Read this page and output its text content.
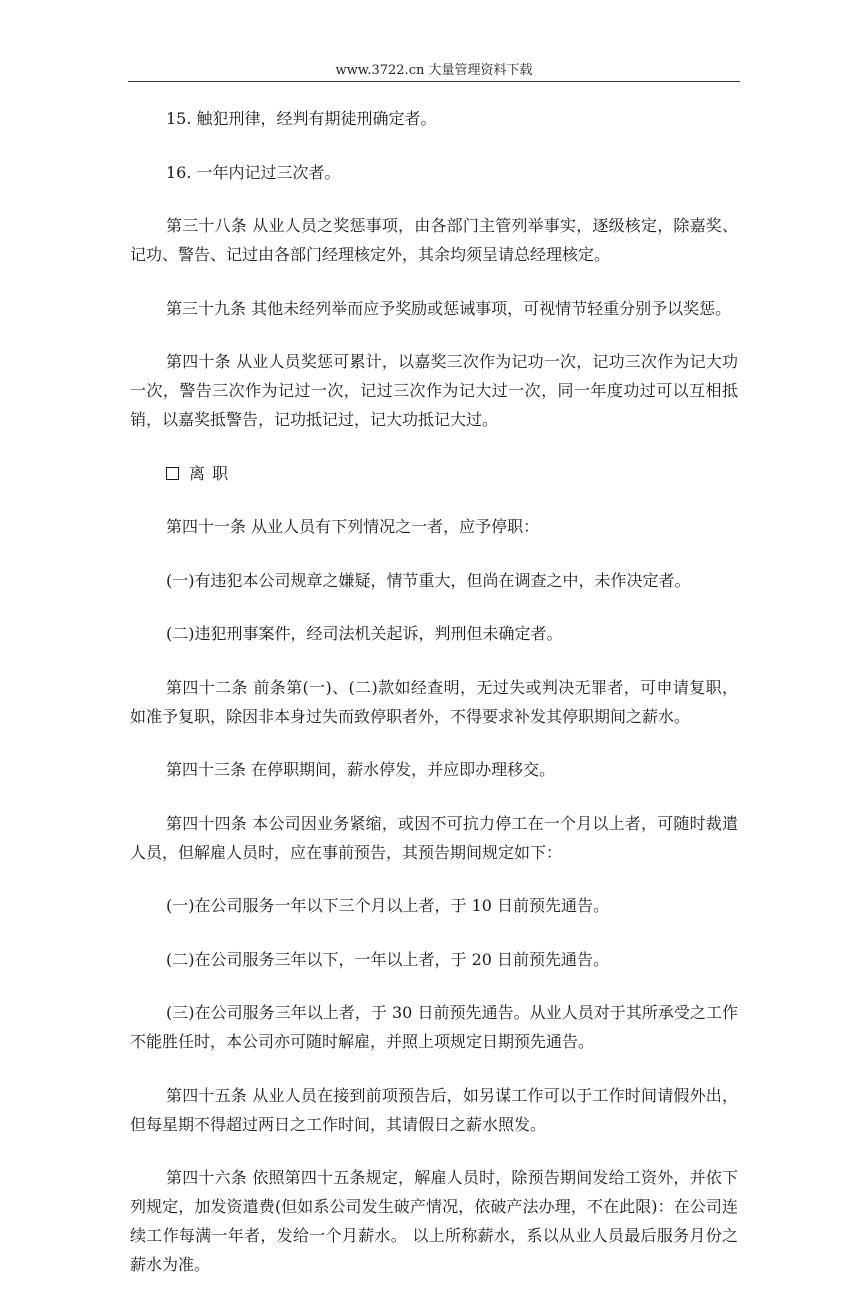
www.3722.cn 大量管理资料下载

15. 触犯刑律，经判有期徒刑确定者。

16. 一年内记过三次者。

第三十八条 从业人员之奖惩事项，由各部门主管列举事实，逐级核定，除嘉奖、记功、警告、记过由各部门经理核定外，其余均须呈请总经理核定。

第三十九条 其他未经列举而应予奖励或惩诫事项，可视情节轻重分别予以奖惩。

第四十条 从业人员奖惩可累计，以嘉奖三次作为记功一次，记功三次作为记大功一次，警告三次作为记过一次，记过三次作为记大过一次，同一年度功过可以互相抵销，以嘉奖抵警告，记功抵记过，记大功抵记大过。

离 职

第四十一条 从业人员有下列情况之一者，应予停职：

(一)有违犯本公司规章之嫌疑，情节重大，但尚在调查之中，未作决定者。

(二)违犯刑事案件，经司法机关起诉，判刑但未确定者。

第四十二条 前条第(一)、(二)款如经查明，无过失或判决无罪者，可申请复职，如准予复职，除因非本身过失而致停职者外，不得要求补发其停职期间之薪水。

第四十三条 在停职期间，薪水停发，并应即办理移交。

第四十四条 本公司因业务紧缩，或因不可抗力停工在一个月以上者，可随时裁遣人员，但解雇人员时，应在事前预告，其预告期间规定如下：

(一)在公司服务一年以下三个月以上者，于 10 日前预先通告。

(二)在公司服务三年以下，一年以上者，于 20 日前预先通告。

(三)在公司服务三年以上者，于 30 日前预先通告。从业人员对于其所承受之工作不能胜任时，本公司亦可随时解雇，并照上项规定日期预先通告。

第四十五条 从业人员在接到前项预告后，如另谋工作可以于工作时间请假外出，但每星期不得超过两日之工作时间，其请假日之薪水照发。

第四十六条 依照第四十五条规定，解雇人员时，除预告期间发给工资外，并依下列规定，加发资遣费(但如系公司发生破产情况，依破产法办理，不在此限)：在公司连续工作每满一年者，发给一个月薪水。 以上所称薪水，系以从业人员最后服务月份之薪水为准。
